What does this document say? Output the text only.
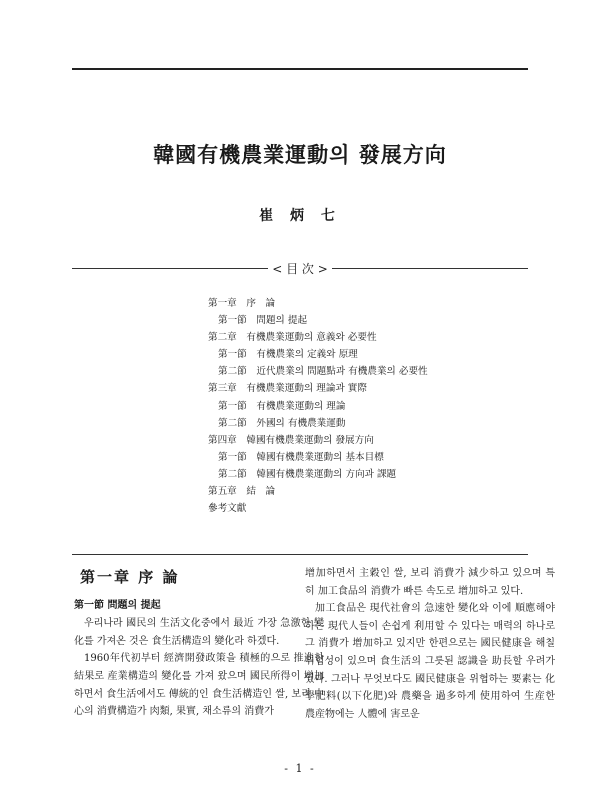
韓國有機農業運動의 發展方向
崔 炳 七
< 目 次 >
第一章　序　論
第一節　問題의 提起
第二章　有機農業運動의 意義와 必要性
第一節　有機農業의 定義와 原理
第二節　近代農業의 問題點과 有機農業의 必要性
第三章　有機農業運動의 理論과 實際
第一節　有機農業運動의 理論
第二節　外國의 有機農業運動
第四章　韓國有機農業運動의 發展方向
第一節　韓國有機農業運動의 基本目標
第二節　韓國有機農業運動의 方向과 課題
第五章　結　論
參考文獻
第一章 序 論
第一節 問題의 提起

우리나라 國民의 生活文化중에서 最近 가장 急激한 變化를 가져온 것은 食生活構造의 變化라 하겠다.

1960年代初부터 經濟開發政策을 積極的으로 推進한 結果로 産業構造의 變化를 가져 왔으며 國民所得이 增加하면서 食生活에서도 傳統的인 食生活構造인 쌀, 보리 中心의 消費構造가 肉類, 果實, 채소류의 消費가

增加하면서 主穀인 쌀, 보리 消費가 減少하고 있으며 특히 加工食品의 消費가 빠른 속도로 增加하고 있다.

加工食品은 現代社會의 急速한 變化와 이에 順應해야 하는 現代人들이 손쉽게 利用할 수 있다는 매력의 하나로 그 消費가 增加하고 있지만 한편으로는 國民健康을 해칠 위험성이 있으며 食生活의 그릇된 認識을 助長할 우려가 있다. 그러나 무엇보다도 國民健康을 위협하는 要素는 化學肥料(以下化肥)와 農藥을 過多하게 使用하여 生産한 農産物에는 人體에 害로운

- 1 -
